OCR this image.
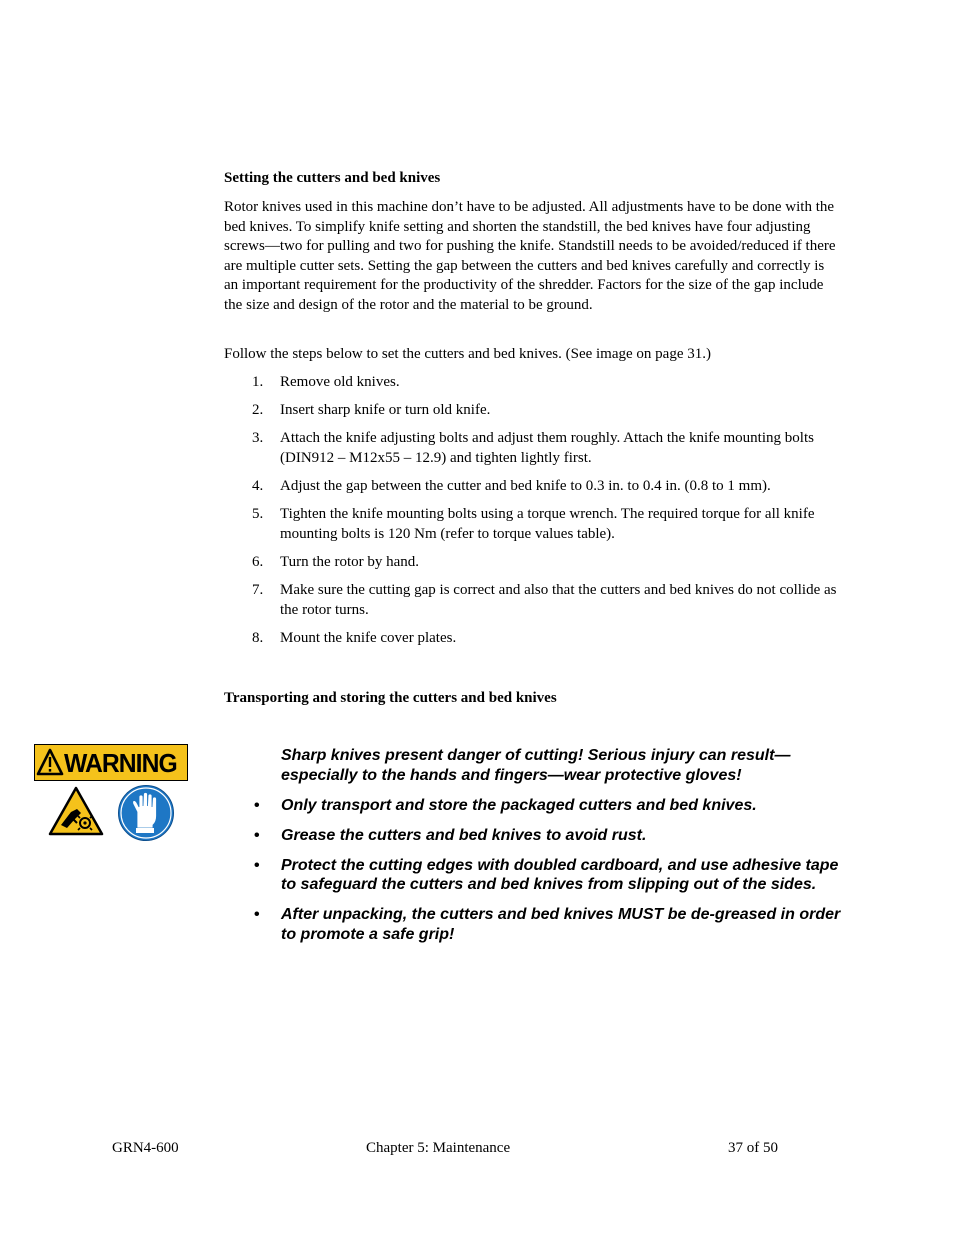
Setting the cutters and bed knives

Rotor knives used in this machine don’t have to be adjusted. All adjustments have to be done with the bed knives. To simplify knife setting and shorten the standstill, the bed knives have four adjusting screws—two for pulling and two for pushing the knife. Standstill needs to be avoided/reduced if there are multiple cutter sets. Setting the gap between the cutters and bed knives carefully and correctly is an important requirement for the productivity of the shredder. Factors for the size of the gap include the size and design of the rotor and the material to be ground.

Follow the steps below to set the cutters and bed knives. (See image on page 31.)

1. Remove old knives.
2. Insert sharp knife or turn old knife.
3. Attach the knife adjusting bolts and adjust them roughly. Attach the knife mounting bolts (DIN912 – M12x55 – 12.9) and tighten lightly first.
4. Adjust the gap between the cutter and bed knife to 0.3 in. to 0.4 in. (0.8 to 1 mm).
5. Tighten the knife mounting bolts using a torque wrench. The required torque for all knife mounting bolts is 120 Nm (refer to torque values table).
6. Turn the rotor by hand.
7. Make sure the cutting gap is correct and also that the cutters and bed knives do not collide as the rotor turns.
8. Mount the knife cover plates.
Transporting and storing the cutters and bed knives
WARNING	Sharp knives present danger of cutting! Serious injury can result—especially to the hands and fingers—wear protective gloves!

• Only transport and store the packaged cutters and bed knives.
• Grease the cutters and bed knives to avoid rust.
• Protect the cutting edges with doubled cardboard, and use adhesive tape to safeguard the cutters and bed knives from slipping out of the sides.
• After unpacking, the cutters and bed knives MUST be de-greased in order to promote a safe grip!
GRN4-600	Chapter 5: Maintenance	37 of 50
